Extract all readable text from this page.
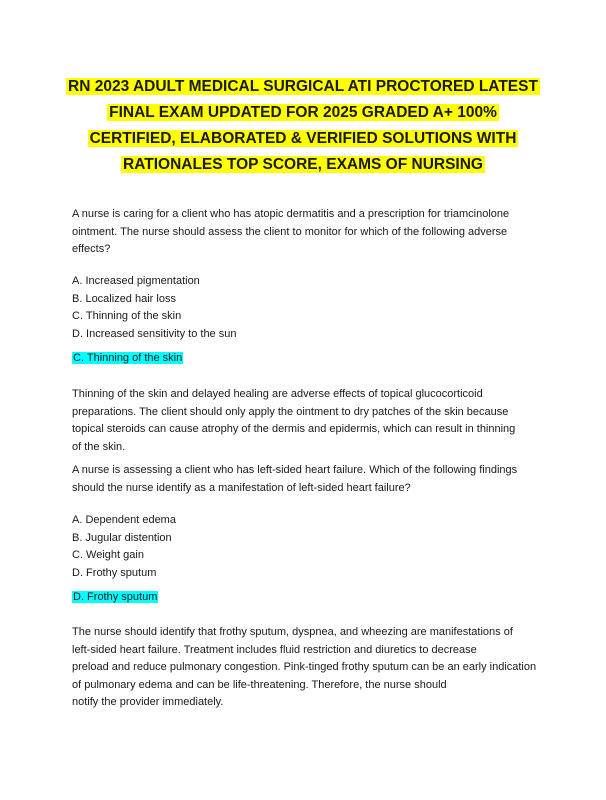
RN 2023 ADULT MEDICAL SURGICAL ATI PROCTORED LATEST
FINAL EXAM UPDATED FOR 2025 GRADED A+ 100%
CERTIFIED, ELABORATED & VERIFIED SOLUTIONS WITH
RATIONALES TOP SCORE, EXAMS OF NURSING
A nurse is caring for a client who has atopic dermatitis and a prescription for triamcinolone
ointment. The nurse should assess the client to monitor for which of the following adverse
effects?
A. Increased pigmentation
B. Localized hair loss
C. Thinning of the skin
D. Increased sensitivity to the sun
C. Thinning of the skin
Thinning of the skin and delayed healing are adverse effects of topical glucocorticoid
preparations. The client should only apply the ointment to dry patches of the skin because
topical steroids can cause atrophy of the dermis and epidermis, which can result in thinning
of the skin.
A nurse is assessing a client who has left-sided heart failure. Which of the following findings
should the nurse identify as a manifestation of left-sided heart failure?
A. Dependent edema
B. Jugular distention
C. Weight gain
D. Frothy sputum
D. Frothy sputum
The nurse should identify that frothy sputum, dyspnea, and wheezing are manifestations of
left-sided heart failure. Treatment includes fluid restriction and diuretics to decrease
preload and reduce pulmonary congestion. Pink-tinged frothy sputum can be an early indication
of pulmonary edema and can be life-threatening. Therefore, the nurse should
notify the provider immediately.
